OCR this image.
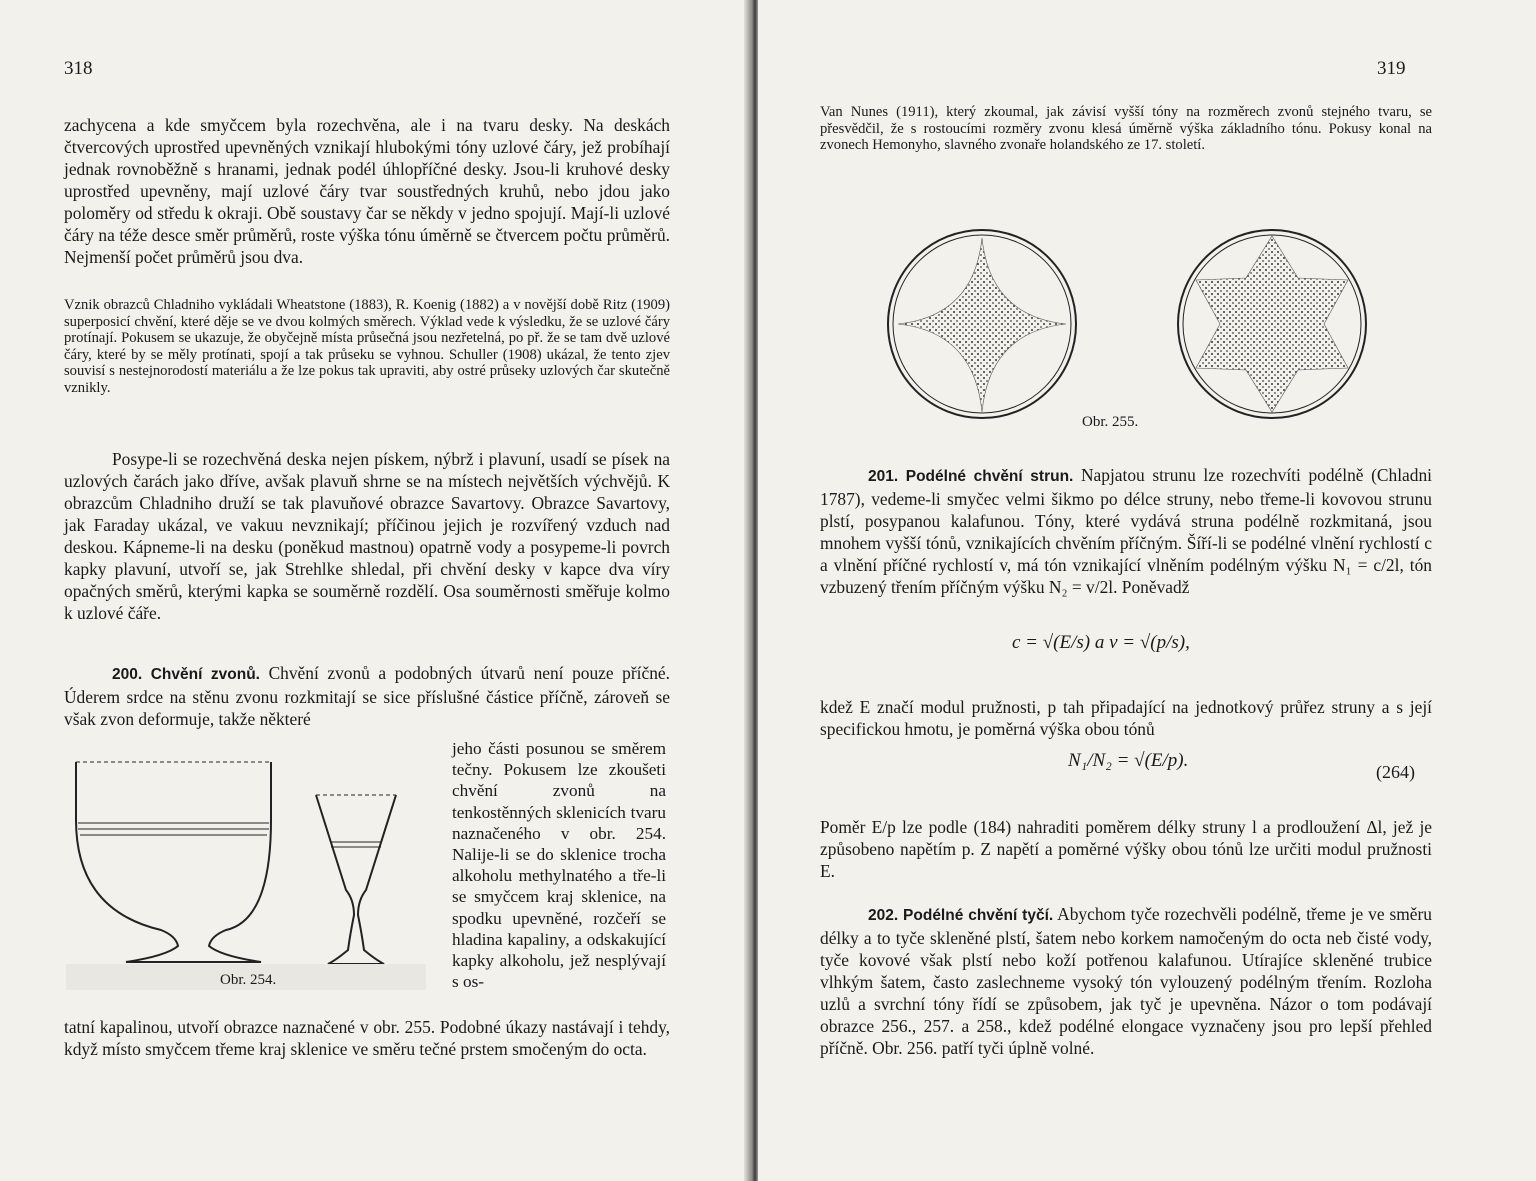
318

zachycena a kde smyčcem byla rozechvěna, ale i na tvaru desky. Na deskách čtvercových uprostřed upevněných vznikají hlubokými tóny uzlové čáry, jež probíhají jednak rovnoběžně s hranami, jednak podél úhlopříčné desky. Jsou-li kruhové desky uprostřed upevněny, mají uzlové čáry tvar soustředných kruhů, nebo jdou jako poloměry od středu k okraji. Obě soustavy čar se někdy v jedno spojují. Mají-li uzlové čáry na téže desce směr průměrů, roste výška tónu úměrně se čtvercem počtu průměrů. Nejmenší počet průměrů jsou dva.

Vznik obrazců Chladniho vykládali Wheatstone (1883), R. Koenig (1882) a v novější době Ritz (1909) superposicí chvění, které děje se ve dvou kolmých směrech. Výklad vede k výsledku, že se uzlové čáry protínají. Pokusem se ukazuje, že obyčejně místa průsečná jsou nezřetelná, po př. že se tam dvě uzlové čáry, které by se měly protínati, spojí a tak průseku se vyhnou. Schuller (1908) ukázal, že tento zjev souvisí s nestejnorodostí materiálu a že lze pokus tak upraviti, aby ostré průseky uzlových čar skutečně vznikly.

Posype-li se rozechvěná deska nejen pískem, nýbrž i plavuní, usadí se písek na uzlových čarách jako dříve, avšak plavuň shrne se na místech největších výchvějů. K obrazcům Chladniho druží se tak plavuňové obrazce Savartovy. Obrazce Savartovy, jak Faraday ukázal, ve vakuu nevznikají; příčinou jejich je rozvířený vzduch nad deskou. Kápneme-li na desku (poněkud mastnou) opatrně vody a posypeme-li povrch kapky plavuní, utvoří se, jak Strehlke shledal, při chvění desky v kapce dva víry opačných směrů, kterými kapka se souměrně rozdělí. Osa souměrnosti směřuje kolmo k uzlové čáře.

200. Chvění zvonů. Chvění zvonů a podobných útvarů není pouze příčné. Úderem srdce na stěnu zvonu rozkmitají se sice příslušné částice příčně, zároveň se však zvon deformuje, takže některé

Obr. 254.

jeho části posunou se směrem tečny. Pokusem lze zkoušeti chvění zvonů na tenkostěnných sklenicích tvaru naznačeného v obr. 254. Nalije-li se do sklenice trocha alkoholu methylnatého a tře-li se smyčcem kraj sklenice, na spodku upevněné, rozčeří se hladina kapaliny, a odskakující kapky alkoholu, jež nesplývají s os-

tatní kapalinou, utvoří obrazce naznačené v obr. 255. Podobné úkazy nastávají i tehdy, když místo smyčcem třeme kraj sklenice ve směru tečné prstem smočeným do octa.

319

Van Nunes (1911), který zkoumal, jak závisí vyšší tóny na rozměrech zvonů stejného tvaru, se přesvědčil, že s rostoucími rozměry zvonu klesá úměrně výška základního tónu. Pokusy konal na zvonech Hemonyho, slavného zvonaře holandského ze 17. století.

Obr. 255.

201. Podélné chvění strun. Napjatou strunu lze rozechvíti podélně (Chladni 1787), vedeme-li smyčec velmi šikmo po délce struny, nebo třeme-li kovovou strunu plstí, posypanou kalafunou. Tóny, které vydává struna podélně rozkmitaná, jsou mnohem vyšší tónů, vznikajících chvěním příčným. Šíří-li se podélné vlnění rychlostí c a vlnění příčné rychlostí v, má tón vznikající vlněním podélným výšku N₁ = c/2l, tón vzbuzený třením příčným výšku N₂ = v/2l. Poněvadž

c = √(E/s) a v = √(p/s),

kdež E značí modul pružnosti, p tah připadající na jednotkový průřez struny a s její specifickou hmotu, je poměrná výška obou tónů

N₁/N₂ = √(E/p).
(264)

Poměr E/p lze podle (184) nahraditi poměrem délky struny l a prodloužení Δl, jež je způsobeno napětím p. Z napětí a poměrné výšky obou tónů lze určiti modul pružnosti E.

202. Podélné chvění tyčí. Abychom tyče rozechvěli podélně, třeme je ve směru délky a to tyče skleněné plstí, šatem nebo korkem namočeným do octa neb čisté vody, tyče kovové však plstí nebo koží potřenou kalafunou. Utírajíce skleněné trubice vlhkým šatem, často zaslechneme vysoký tón vylouzený podélným třením. Rozloha uzlů a svrchní tóny řídí se způsobem, jak tyč je upevněna. Názor o tom podávají obrazce 256., 257. a 258., kdež podélné elongace vyznačeny jsou pro lepší přehled příčně. Obr. 256. patří tyči úplně volné.
